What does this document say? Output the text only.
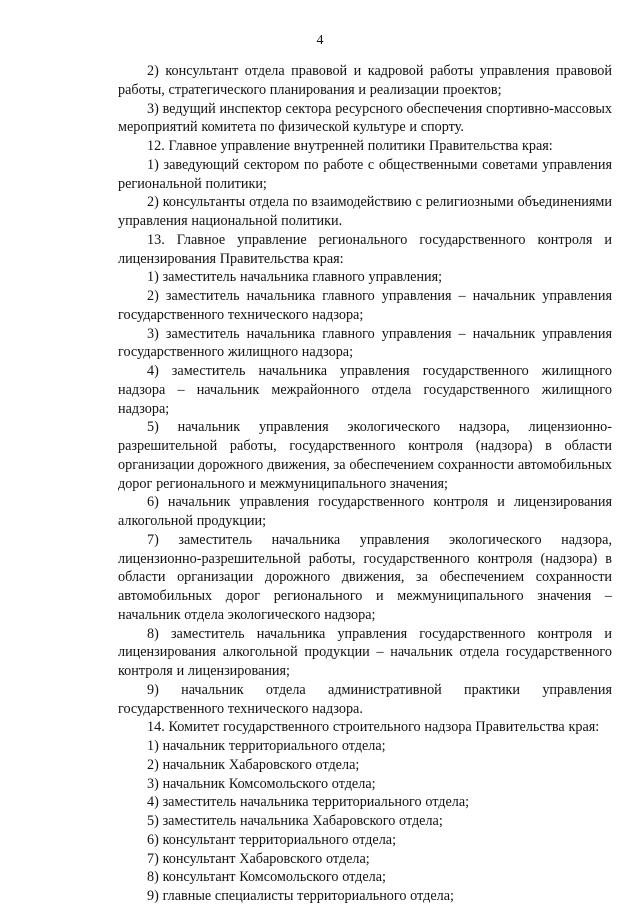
4

2) консультант отдела правовой и кадровой работы управления правовой работы, стратегического планирования и реализации проектов;

3) ведущий инспектор сектора ресурсного обеспечения спортивно-массовых мероприятий комитета по физической культуре и спорту.

12. Главное управление внутренней политики Правительства края:

1) заведующий сектором по работе с общественными советами управления региональной политики;

2) консультанты отдела по взаимодействию с религиозными объединениями управления национальной политики.

13. Главное управление регионального государственного контроля и лицензирования Правительства края:

1) заместитель начальника главного управления;

2) заместитель начальника главного управления – начальник управления государственного технического надзора;

3) заместитель начальника главного управления – начальник управления государственного жилищного надзора;

4) заместитель начальника управления государственного жилищного надзора – начальник межрайонного отдела государственного жилищного надзора;

5) начальник управления экологического надзора, лицензионно-разрешительной работы, государственного контроля (надзора) в области организации дорожного движения, за обеспечением сохранности автомобильных дорог регионального и межмуниципального значения;

6) начальник управления государственного контроля и лицензирования алкогольной продукции;

7) заместитель начальника управления экологического надзора, лицензионно-разрешительной работы, государственного контроля (надзора) в области организации дорожного движения, за обеспечением сохранности автомобильных дорог регионального и межмуниципального значения – начальник отдела экологического надзора;

8) заместитель начальника управления государственного контроля и лицензирования алкогольной продукции – начальник отдела государственного контроля и лицензирования;

9) начальник отдела административной практики управления государственного технического надзора.

14. Комитет государственного строительного надзора Правительства края:

1) начальник территориального отдела;

2) начальник Хабаровского отдела;

3) начальник Комсомольского отдела;

4) заместитель начальника территориального отдела;

5) заместитель начальника Хабаровского отдела;

6) консультант территориального отдела;

7) консультант Хабаровского отдела;

8) консультант Комсомольского отдела;

9) главные специалисты территориального отдела;
